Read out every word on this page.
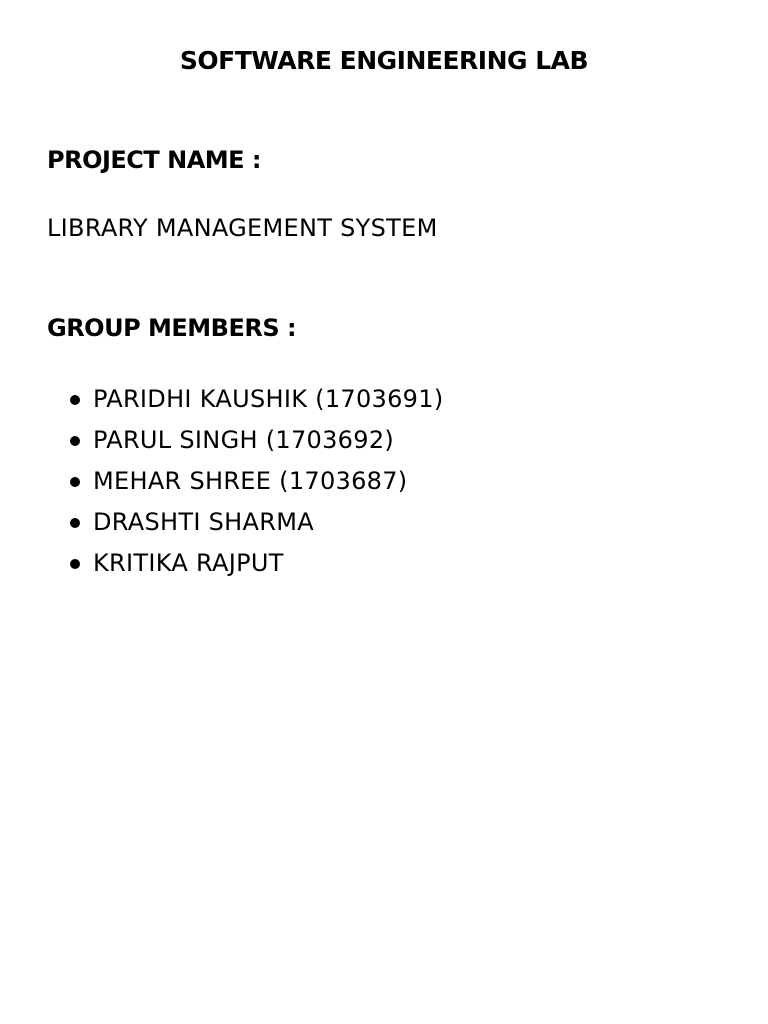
SOFTWARE ENGINEERING LAB
PROJECT NAME :

LIBRARY MANAGEMENT SYSTEM

GROUP MEMBERS :
PARIDHI KAUSHIK (1703691)
PARUL SINGH (1703692)
MEHAR SHREE (1703687)
DRASHTI SHARMA
KRITIKA RAJPUT
